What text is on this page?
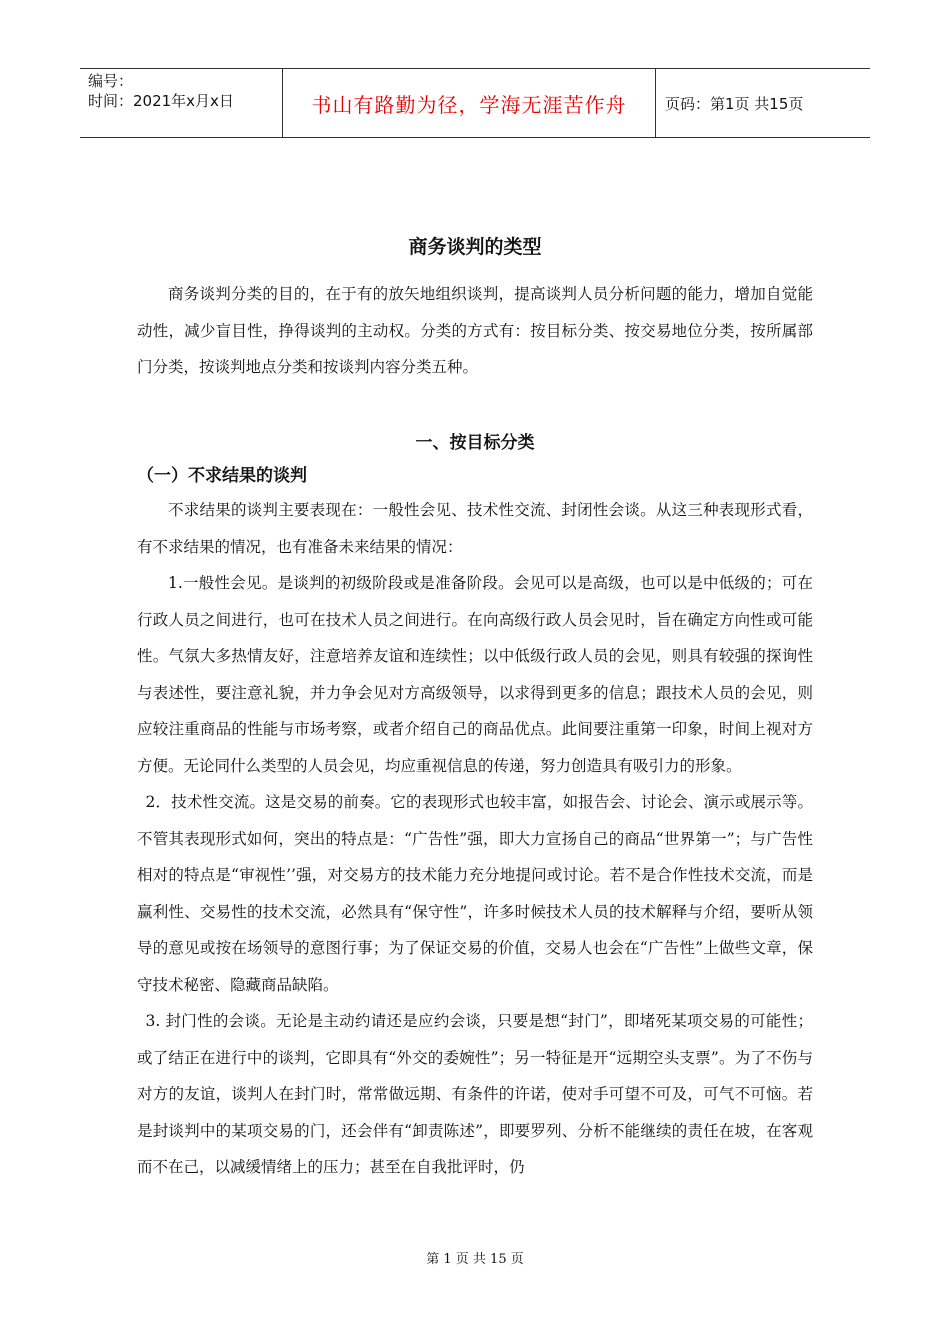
编号：
时间：2021年x月x日	书山有路勤为径，学海无涯苦作舟	页码：第1页 共15页
商务谈判的类型

商务谈判分类的目的，在于有的放矢地组织谈判，提高谈判人员分析问题的能力，增加自觉能动性，减少盲目性，挣得谈判的主动权。分类的方式有：按目标分类、按交易地位分类，按所属部门分类，按谈判地点分类和按谈判内容分类五种。

一、按目标分类
（一）不求结果的谈判

不求结果的谈判主要表现在：一般性会见、技术性交流、封闭性会谈。从这三种表现形式看，有不求结果的情况，也有准备未来结果的情况：

1.一般性会见。是谈判的初级阶段或是准备阶段。会见可以是高级，也可以是中低级的；可在行政人员之间进行，也可在技术人员之间进行。在向高级行政人员会见时，旨在确定方向性或可能性。气氛大多热情友好，注意培养友谊和连续性；以中低级行政人员的会见，则具有较强的探询性与表述性，要注意礼貌，并力争会见对方高级领导，以求得到更多的信息；跟技术人员的会见，则应较注重商品的性能与市场考察，或者介绍自己的商品优点。此间要注重第一印象，时间上视对方方便。无论同什么类型的人员会见，均应重视信息的传递，努力创造具有吸引力的形象。

2．技术性交流。这是交易的前奏。它的表现形式也较丰富，如报告会、讨论会、演示或展示等。不管其表现形式如何，突出的特点是：“广告性”强，即大力宣扬自己的商品“世界第一”；与广告性相对的特点是“审视性’’强，对交易方的技术能力充分地提问或讨论。若不是合作性技术交流，而是赢利性、交易性的技术交流，必然具有“保守性”，许多时候技术人员的技术解释与介绍，要听从领导的意见或按在场领导的意图行事；为了保证交易的价值，交易人也会在“广告性”上做些文章，保守技术秘密、隐藏商品缺陷。

3. 封门性的会谈。无论是主动约请还是应约会谈，只要是想“封门”，即堵死某项交易的可能性；或了结正在进行中的谈判，它即具有“外交的委婉性”；另一特征是开“远期空头支票”。为了不伤与对方的友谊，谈判人在封门时，常常做远期、有条件的许诺，使对手可望不可及，可气不可恼。若是封谈判中的某项交易的门，还会伴有“卸责陈述”，即要罗列、分析不能继续的责任在坡，在客观而不在己，以减缓情绪上的压力；甚至在自我批评时，仍

第 1 页 共 15 页
